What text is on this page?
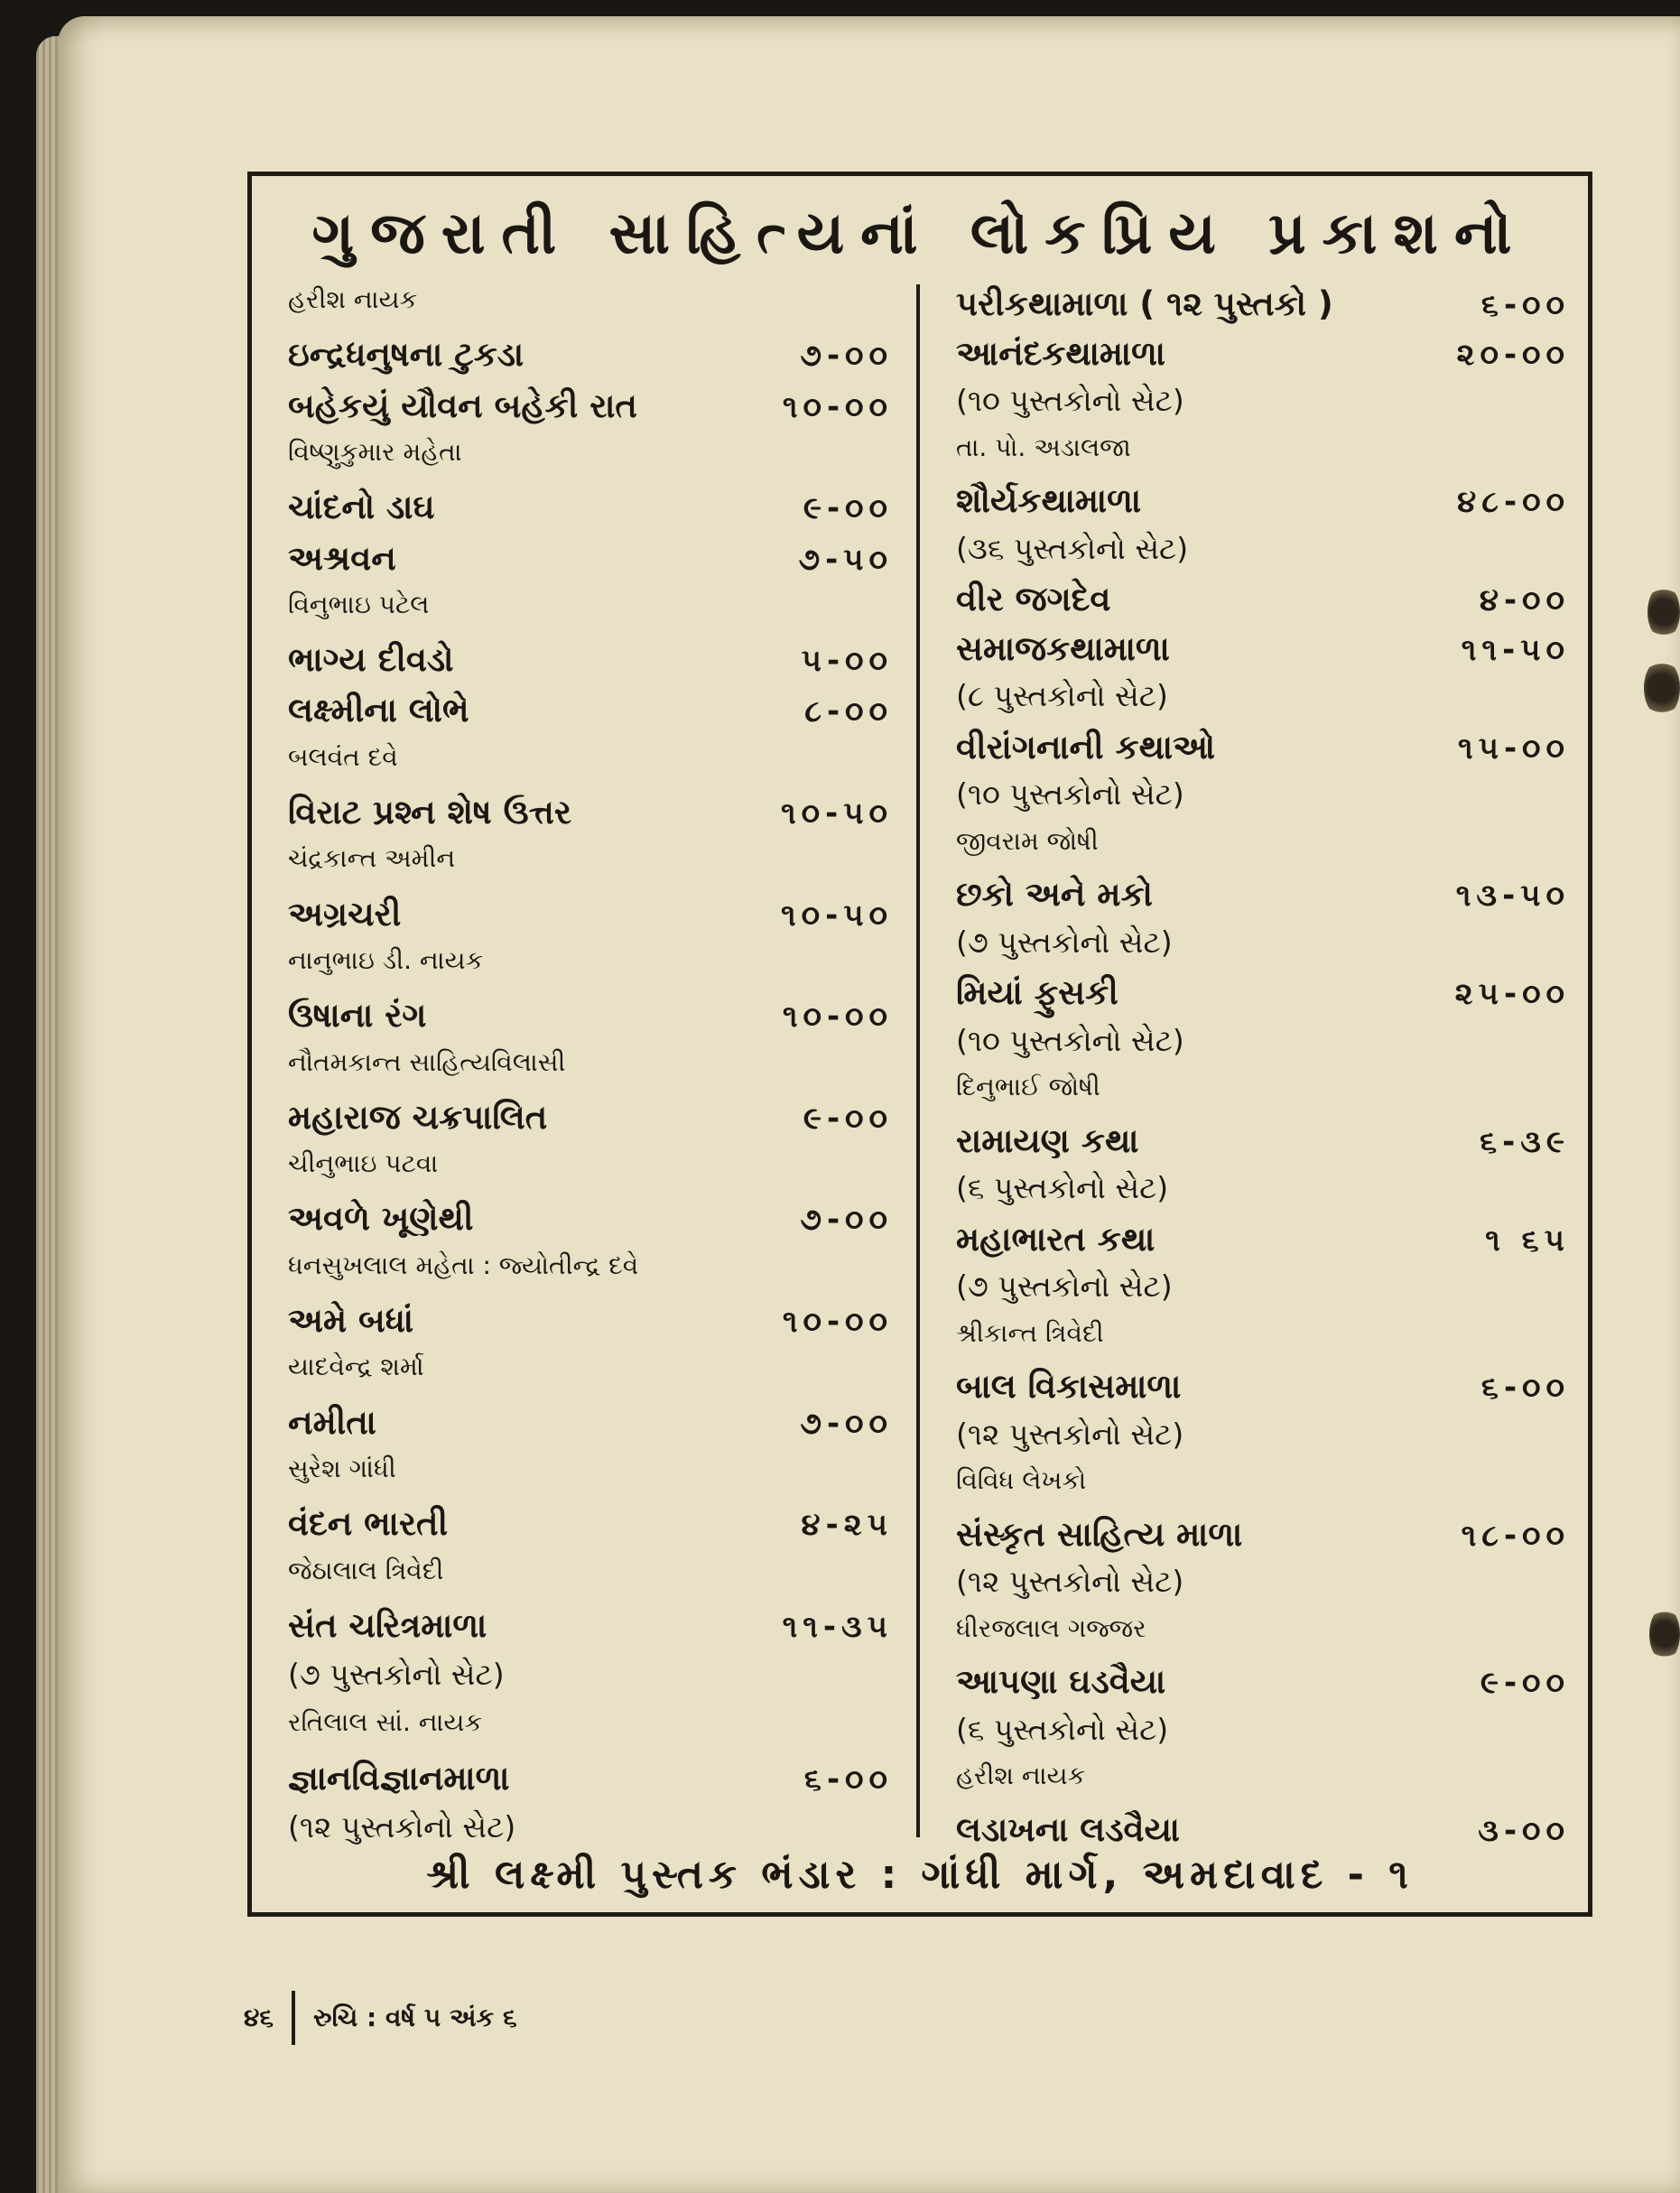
ગુજરાતી સાહિત્યનાં લોકપ્રિય પ્રકાશનો
હરીશ નાયક
ઇન્દ્રધનુષના ટુકડા	૭-૦૦
બહેકયું યૌવન બહેકી રાત	૧૦-૦૦
વિષ્ણુકુમાર મહેતા
ચાંદનો ડાઘ	૯-૦૦
અશ્રવન	૭-૫૦
વિનુભાઇ પટેલ
ભાગ્ય દીવડો	૫-૦૦
લક્ષ્મીના લોભે	૮-૦૦
બલવંત દવે
વિરાટ પ્રશ્ન શેષ ઉત્તર	૧૦-૫૦
ચંદ્રકાન્ત અમીન
અગ્રચરી	૧૦-૫૦
નાનુભાઇ ડી. નાયક
ઉષાના રંગ	૧૦-૦૦
નૌતમકાન્ત સાહિત્યવિલાસી
મહારાજ ચક્રપાલિત	૯-૦૦
ચીનુભાઇ પટવા
અવળે ખૂણેથી	૭-૦૦
ધનસુખલાલ મહેતા : જ્યોતીન્દ્ર દવે
અમે બધાં	૧૦-૦૦
યાદવેન્દ્ર શર્મા
નમીતા	૭-૦૦
સુરેશ ગાંધી
વંદન ભારતી	૪-૨૫
જેઠાલાલ ત્રિવેદી
સંત ચરિત્રમાળા	૧૧-૩૫
(૭ પુસ્તકોનો સેટ)
રતિલાલ સાં. નાયક
જ્ઞાનવિજ્ઞાનમાળા	૬-૦૦
(૧૨ પુસ્તકોનો સેટ)
પરીકથામાળા ( ૧૨ પુસ્તકો )	૬-૦૦
આનંદકથામાળા	૨૦-૦૦
(૧૦ પુસ્તકોનો સેટ)
તા. પો. અડાલજા
શૌર્યકથામાળા	૪૮-૦૦
(૩૬ પુસ્તકોનો સેટ)
વીર જગદેવ	૪-૦૦
સમાજકથામાળા	૧૧-૫૦
(૮ પુસ્તકોનો સેટ)
વીરાંગનાની કથાઓ	૧૫-૦૦
(૧૦ પુસ્તકોનો સેટ)
જીવરામ જોષી
છકો અને મકો	૧૩-૫૦
(૭ પુસ્તકોનો સેટ)
મિયાં ફુસકી	૨૫-૦૦
(૧૦ પુસ્તકોનો સેટ)
દિનુભાઈ જોષી
રામાયણ કથા	૬-૩૯
(૬ પુસ્તકોનો સેટ)
મહાભારત કથા	૧ ૬૫
(૭ પુસ્તકોનો સેટ)
શ્રીકાન્ત ત્રિવેદી
બાલ વિકાસમાળા	૬-૦૦
(૧૨ પુસ્તકોનો સેટ)
વિવિધ લેખકો
સંસ્કૃત સાહિત્ય માળા	૧૮-૦૦
(૧૨ પુસ્તકોનો સેટ)
ધીરજલાલ ગજ્જર
આપણા ઘડવૈયા	૯-૦૦
(૬ પુસ્તકોનો સેટ)
હરીશ નાયક
લડાખના લડવૈયા	૩-૦૦
શ્રી લક્ષ્મી પુસ્તક ભંડાર : ગાંધી માર્ગ, અમદાવાદ - ૧
૪૬ રુચિ : વર્ષ ૫ અંક ૬
